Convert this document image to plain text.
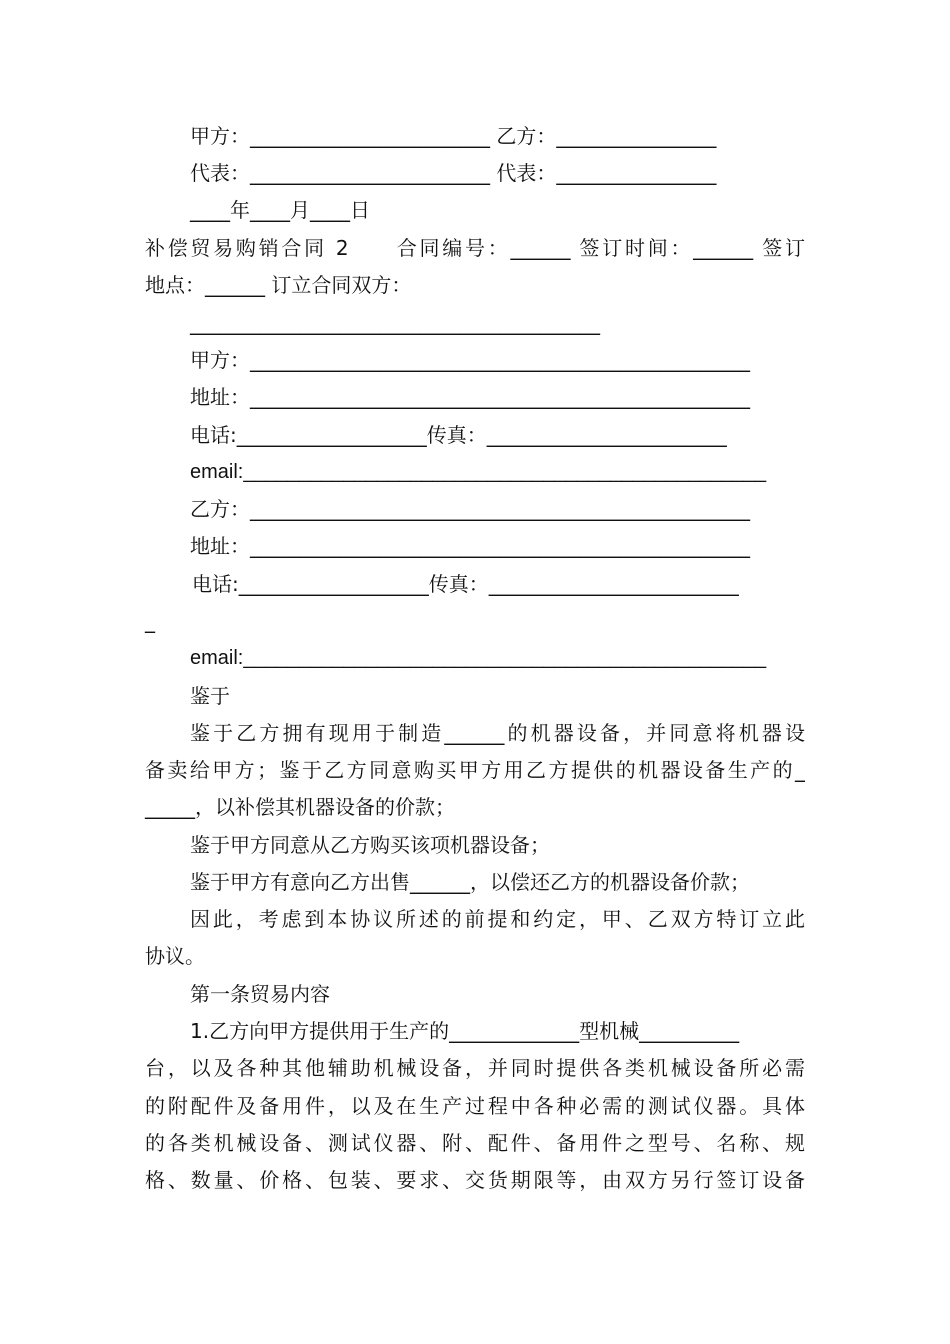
甲方：________________________ 乙方：________________
代表：________________________ 代表：________________
____年____月____日
补偿贸易购销合同 2　　合同编号：______ 签订时间：______ 签订
地点：______ 订立合同双方：
_________________________________________
甲方：__________________________________________________
地址：__________________________________________________
电话:___________________传真：________________________
email:_______________________________________________
乙方：__________________________________________________
地址：__________________________________________________
电话:___________________传真：_________________________
_
email:_______________________________________________
鉴于
鉴于乙方拥有现用于制造______的机器设备，并同意将机器设
备卖给甲方；鉴于乙方同意购买甲方用乙方提供的机器设备生产的_
_____，以补偿其机器设备的价款；
鉴于甲方同意从乙方购买该项机器设备；
鉴于甲方有意向乙方出售______，以偿还乙方的机器设备价款；
因此，考虑到本协议所述的前提和约定，甲、乙双方特订立此
协议。
第一条贸易内容
1.乙方向甲方提供用于生产的_____________型机械__________
台，以及各种其他辅助机械设备，并同时提供各类机械设备所必需
的附配件及备用件，以及在生产过程中各种必需的测试仪器。具体
的各类机械设备、测试仪器、附、配件、备用件之型号、名称、规
格、数量、价格、包装、要求、交货期限等，由双方另行签订设备
